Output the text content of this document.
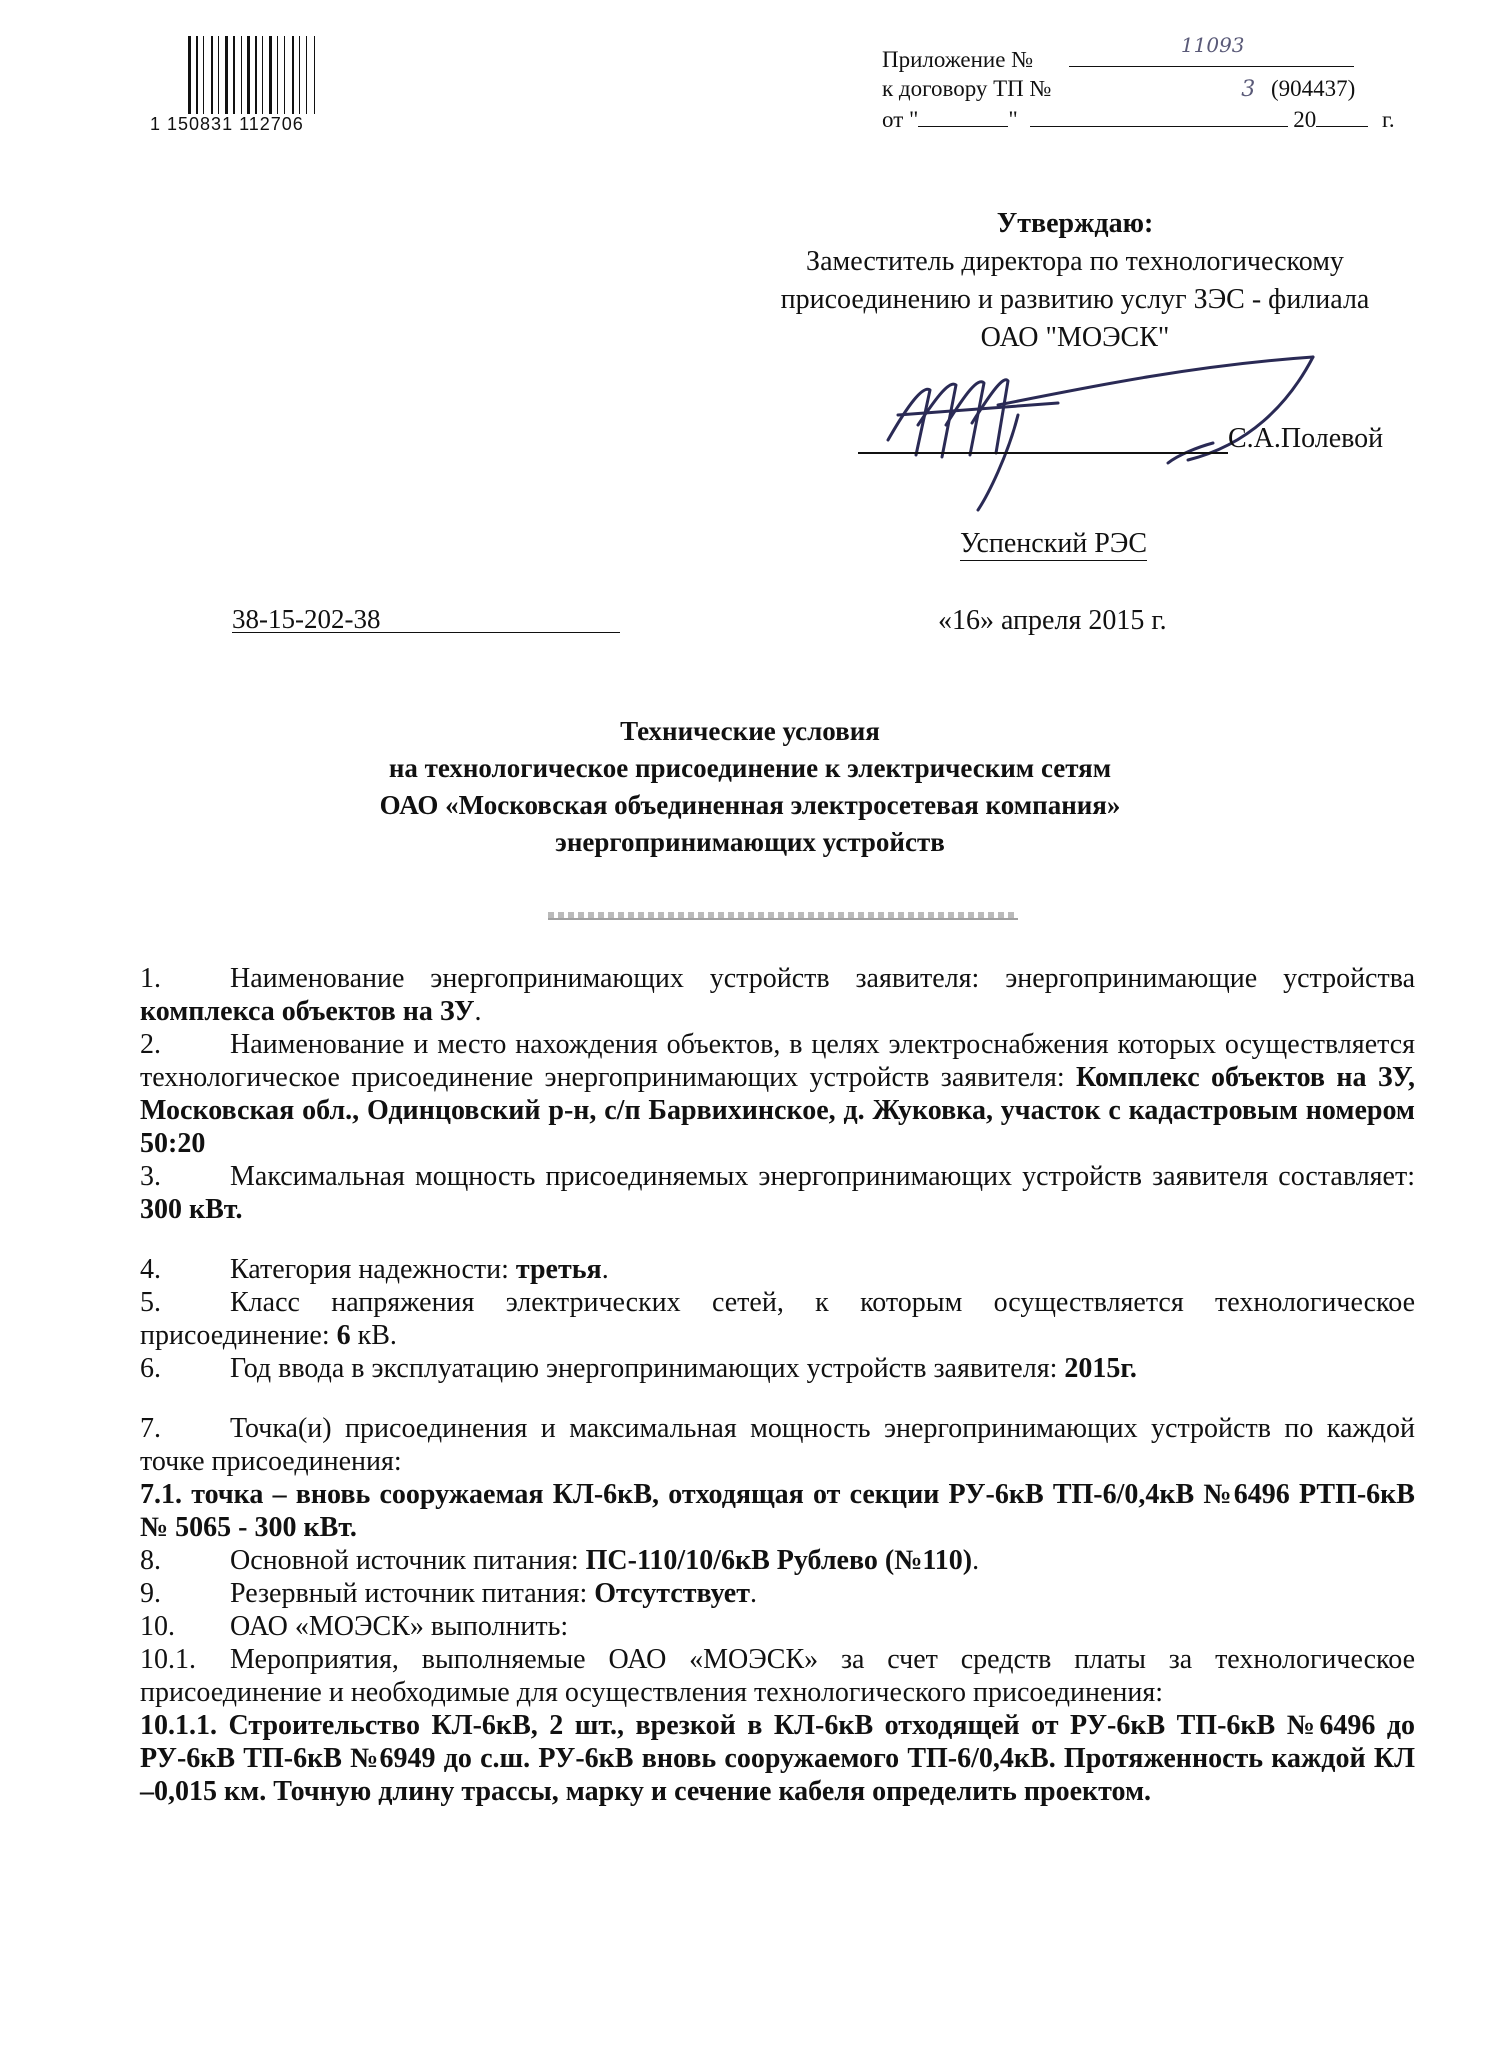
1 150831 112706
Приложение №
11093
к договору ТП №	3 (904437)
от "	"	20	г.
Утверждаю:
Заместитель директора по технологическому
присоединению и развитию услуг ЗЭС - филиала
ОАО "МОЭСК"
С.А.Полевой
Успенский РЭС
38-15-202-38	«16» апреля 2015 г.
Технические условия
на технологическое присоединение к электрическим сетям
ОАО «Московская объединенная электросетевая компания»
энергопринимающих устройств

1. Наименование энергопринимающих устройств заявителя: энергопринимающие устройства комплекса объектов на ЗУ.

2. Наименование и место нахождения объектов, в целях электроснабжения которых осуществляется технологическое присоединение энергопринимающих устройств заявителя: Комплекс объектов на ЗУ, Московская обл., Одинцовский р-н, с/п Барвихинское, д. Жуковка, участок с кадастровым номером 50:20

3. Максимальная мощность присоединяемых энергопринимающих устройств заявителя составляет: 300 кВт.

4. Категория надежности: третья.

5. Класс напряжения электрических сетей, к которым осуществляется технологическое присоединение: 6 кВ.

6. Год ввода в эксплуатацию энергопринимающих устройств заявителя: 2015г.

7. Точка(и) присоединения и максимальная мощность энергопринимающих устройств по каждой точке присоединения:

7.1. точка – вновь сооружаемая КЛ-6кВ, отходящая от секции РУ-6кВ ТП-6/0,4кВ №6496 РТП-6кВ № 5065 - 300 кВт.

8. Основной источник питания: ПС-110/10/6кВ Рублево (№110).

9. Резервный источник питания: Отсутствует.

10. ОАО «МОЭСК» выполнить:

10.1. Мероприятия, выполняемые ОАО «МОЭСК» за счет средств платы за технологическое присоединение и необходимые для осуществления технологического присоединения:

10.1.1. Строительство КЛ-6кВ, 2 шт., врезкой в КЛ-6кВ отходящей от РУ-6кВ ТП-6кВ №6496 до РУ-6кВ ТП-6кВ №6949 до с.ш. РУ-6кВ вновь сооружаемого ТП-6/0,4кВ. Протяженность каждой КЛ –0,015 км. Точную длину трассы, марку и сечение кабеля определить проектом.
